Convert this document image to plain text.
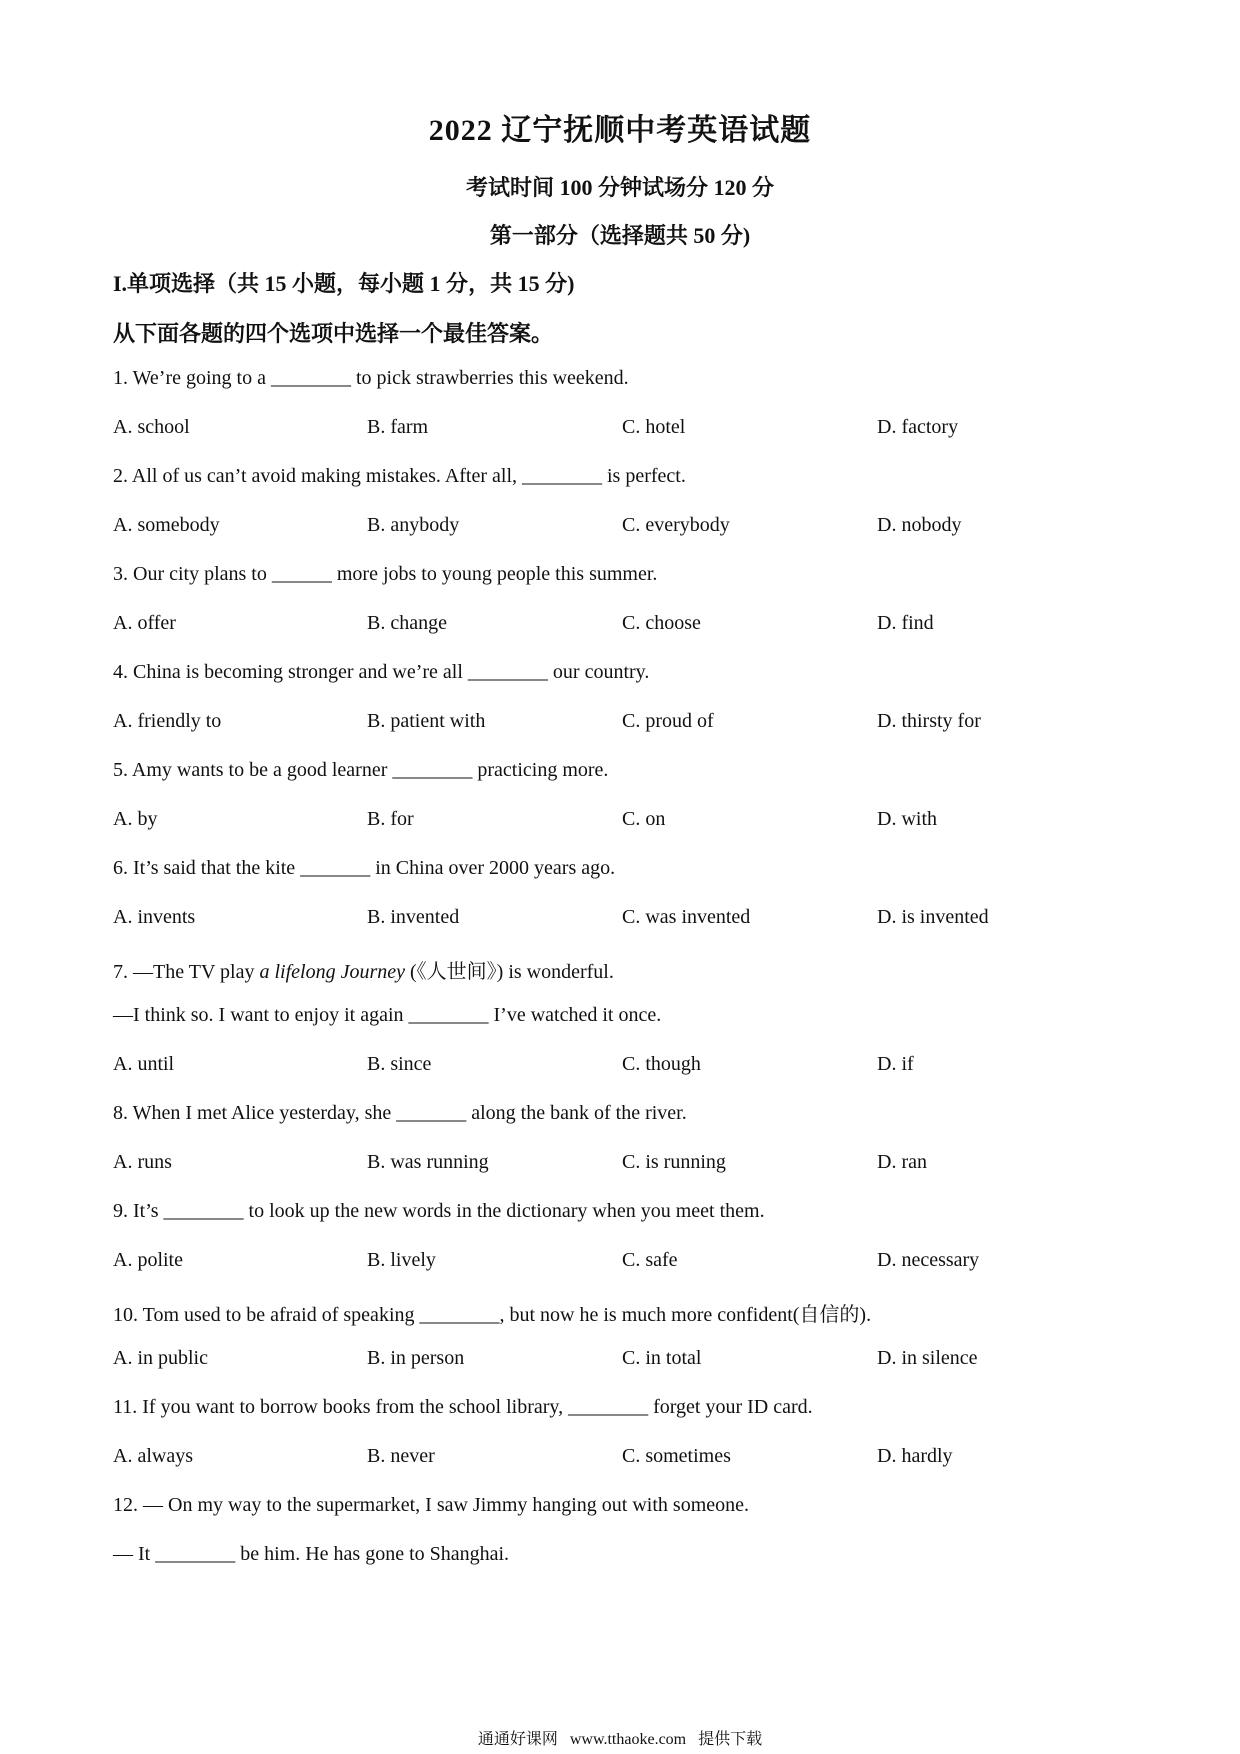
2022 辽宁抚顺中考英语试题
考试时间 100 分钟试场分 120 分
第一部分（选择题共 50 分)
I.单项选择（共 15 小题，每小题 1 分，共 15 分)
从下面各题的四个选项中选择一个最佳答案。
1. We’re going to a ________ to pick strawberries this weekend.
A. school	B. farm	C. hotel	D. factory
2. All of us can’t avoid making mistakes. After all, ________ is perfect.
A. somebody	B. anybody	C. everybody	D. nobody
3. Our city plans to ______ more jobs to young people this summer.
A. offer	B. change	C. choose	D. find
4. China is becoming stronger and we’re all ________ our country.
A. friendly to	B. patient with	C. proud of	D. thirsty for
5. Amy wants to be a good learner ________ practicing more.
A. by	B. for	C. on	D. with
6. It’s said that the kite _______ in China over 2000 years ago.
A. invents	B. invented	C. was invented	D. is invented
7. —The TV play a lifelong Journey (《人世间》) is wonderful.
—I think so. I want to enjoy it again ________ I’ve watched it once.
A. until	B. since	C. though	D. if
8. When I met Alice yesterday, she _______ along the bank of the river.
A. runs	B. was running	C. is running	D. ran
9. It’s ________ to look up the new words in the dictionary when you meet them.
A. polite	B. lively	C. safe	D. necessary
10. Tom used to be afraid of speaking ________, but now he is much more confident(自信的).
A. in public	B. in person	C. in total	D. in silence
11. If you want to borrow books from the school library, ________ forget your ID card.
A. always	B. never	C. sometimes	D. hardly
12. — On my way to the supermarket, I saw Jimmy hanging out with someone.
— It ________ be him. He has gone to Shanghai.
通通好课网 www.tthaoke.com 提供下载
